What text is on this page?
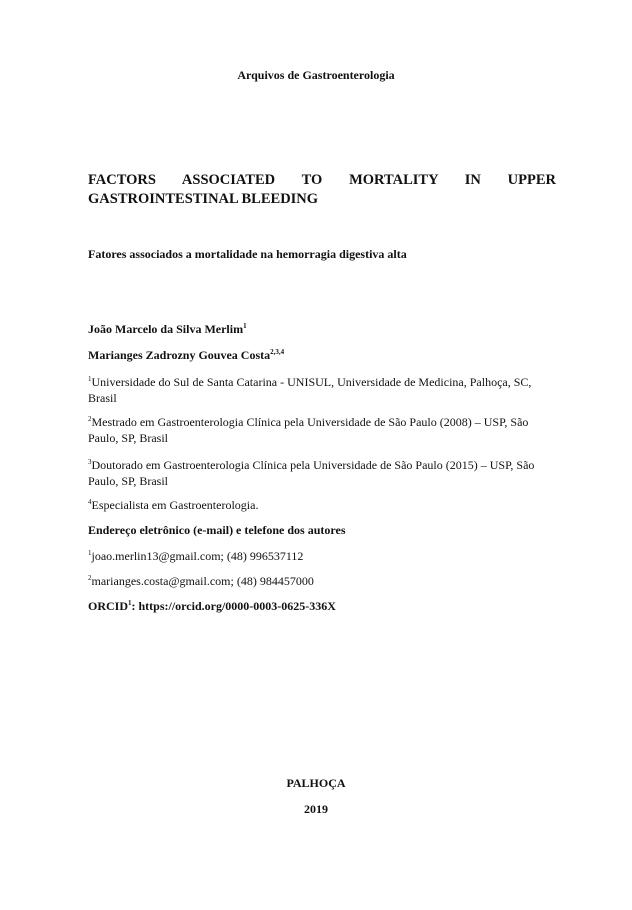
Arquivos de Gastroenterologia
FACTORS ASSOCIATED TO MORTALITY IN UPPER
GASTROINTESTINAL BLEEDING
Fatores associados a mortalidade na hemorragia digestiva alta
João Marcelo da Silva Merlim$^1$
Marianges Zadrozny Gouvea Costa$^{2,3,4}$
$^1$Universidade do Sul de Santa Catarina - UNISUL, Universidade de Medicina, Palhoça, SC, Brasil
$^2$Mestrado em Gastroenterologia Clínica pela Universidade de São Paulo (2008) – USP, São Paulo, SP, Brasil
$^3$Doutorado em Gastroenterologia Clínica pela Universidade de São Paulo (2015) – USP, São Paulo, SP, Brasil
$^4$Especialista em Gastroenterologia.
Endereço eletrônico (e-mail) e telefone dos autores
$^1$joao.merlin13@gmail.com; (48) 996537112
$^2$marianges.costa@gmail.com; (48) 984457000
ORCID$^1$: https://orcid.org/0000-0003-0625-336X
PALHOÇA
2019
